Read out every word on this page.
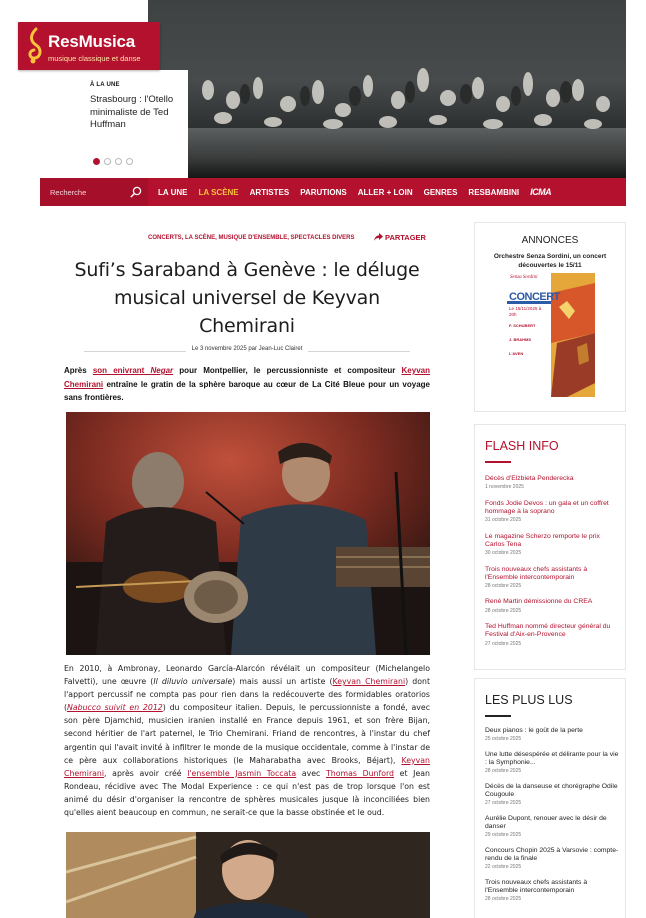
À LA UNE
Strasbourg : l'Otello minimaliste de Ted Huffman
ResMusica
musique classique et danse
Recherche
LA UNE LA SCÈNE ARTISTES PARUTIONS ALLER + LOIN GENRES RESBAMBINI ICMA
CONCERTS, LA SCÈNE, MUSIQUE D'ENSEMBLE, SPECTACLES DIVERS	PARTAGER
Sufi’s Saraband à Genève : le déluge musical universel de Keyvan Chemirani
Le 3 novembre 2025 par Jean-Luc Clairet

Après son enivrant Negar pour Montpellier, le percussionniste et compositeur Keyvan Chemirani entraîne le gratin de la sphère baroque au cœur de La Cité Bleue pour un voyage sans frontières.

En 2010, à Ambronay, Leonardo García-Alarcón révélait un compositeur (Michelangelo Falvetti), une œuvre (Il diluvio universale) mais aussi un artiste (Keyvan Chemirani) dont l'apport percussif ne compta pas pour rien dans la redécouverte des formidables oratorios (Nabucco suivit en 2012) du compositeur italien. Depuis, le percussionniste a fondé, avec son père Djamchid, musicien iranien installé en France depuis 1961, et son frère Bijan, second héritier de l'art paternel, le Trio Chemirani. Friand de rencontres, à l'instar du chef argentin qui l'avait invité à infiltrer le monde de la musique occidentale, comme à l'instar de ce père aux collaborations historiques (le Maharabatha avec Brooks, Béjart), Keyvan Chemirani, après avoir créé l'ensemble Jasmin Toccata avec Thomas Dunford et Jean Rondeau, récidive avec The Modal Experience : ce qui n'est pas de trop lorsque l'on est animé du désir d'organiser la rencontre de sphères musicales jusque là inconciliées bien qu'elles aient beaucoup en commun, ne serait-ce que la basse obstinée et le oud.

ANNONCES
Orchestre Senza Sordini, un concert découvertes le 15/11
Senza Sordini
CONCERT
Le 15/11/2025 à 20h
F. SCHUBERT
J. BRAHMS
L'AVEN
FLASH INFO
Décès d'Elżbieta Penderecka
1 novembre 2025
Fonds Jodie Devos : un gala et un coffret hommage à la soprano
31 octobre 2025
Le magazine Scherzo remporte le prix Carlos Tena
30 octobre 2025
Trois nouveaux chefs assistants à l'Ensemble intercontemporain
28 octobre 2025
René Martin démissionne du CREA
28 octobre 2025
Ted Huffman nommé directeur général du Festival d'Aix-en-Provence
27 octobre 2025
LES PLUS LUS
Deux pianos : le goût de la perte
25 octobre 2025
Une lutte désespérée et délirante pour la vie : la Symphonie...
28 octobre 2025
Décès de la danseuse et chorégraphe Odile Cougoule
27 octobre 2025
Aurélie Dupont, renouer avec le désir de danser
29 octobre 2025
Concours Chopin 2025 à Varsovie : compte-rendu de la finale
22 octobre 2025
Trois nouveaux chefs assistants à l'Ensemble intercontemporain
28 octobre 2025
